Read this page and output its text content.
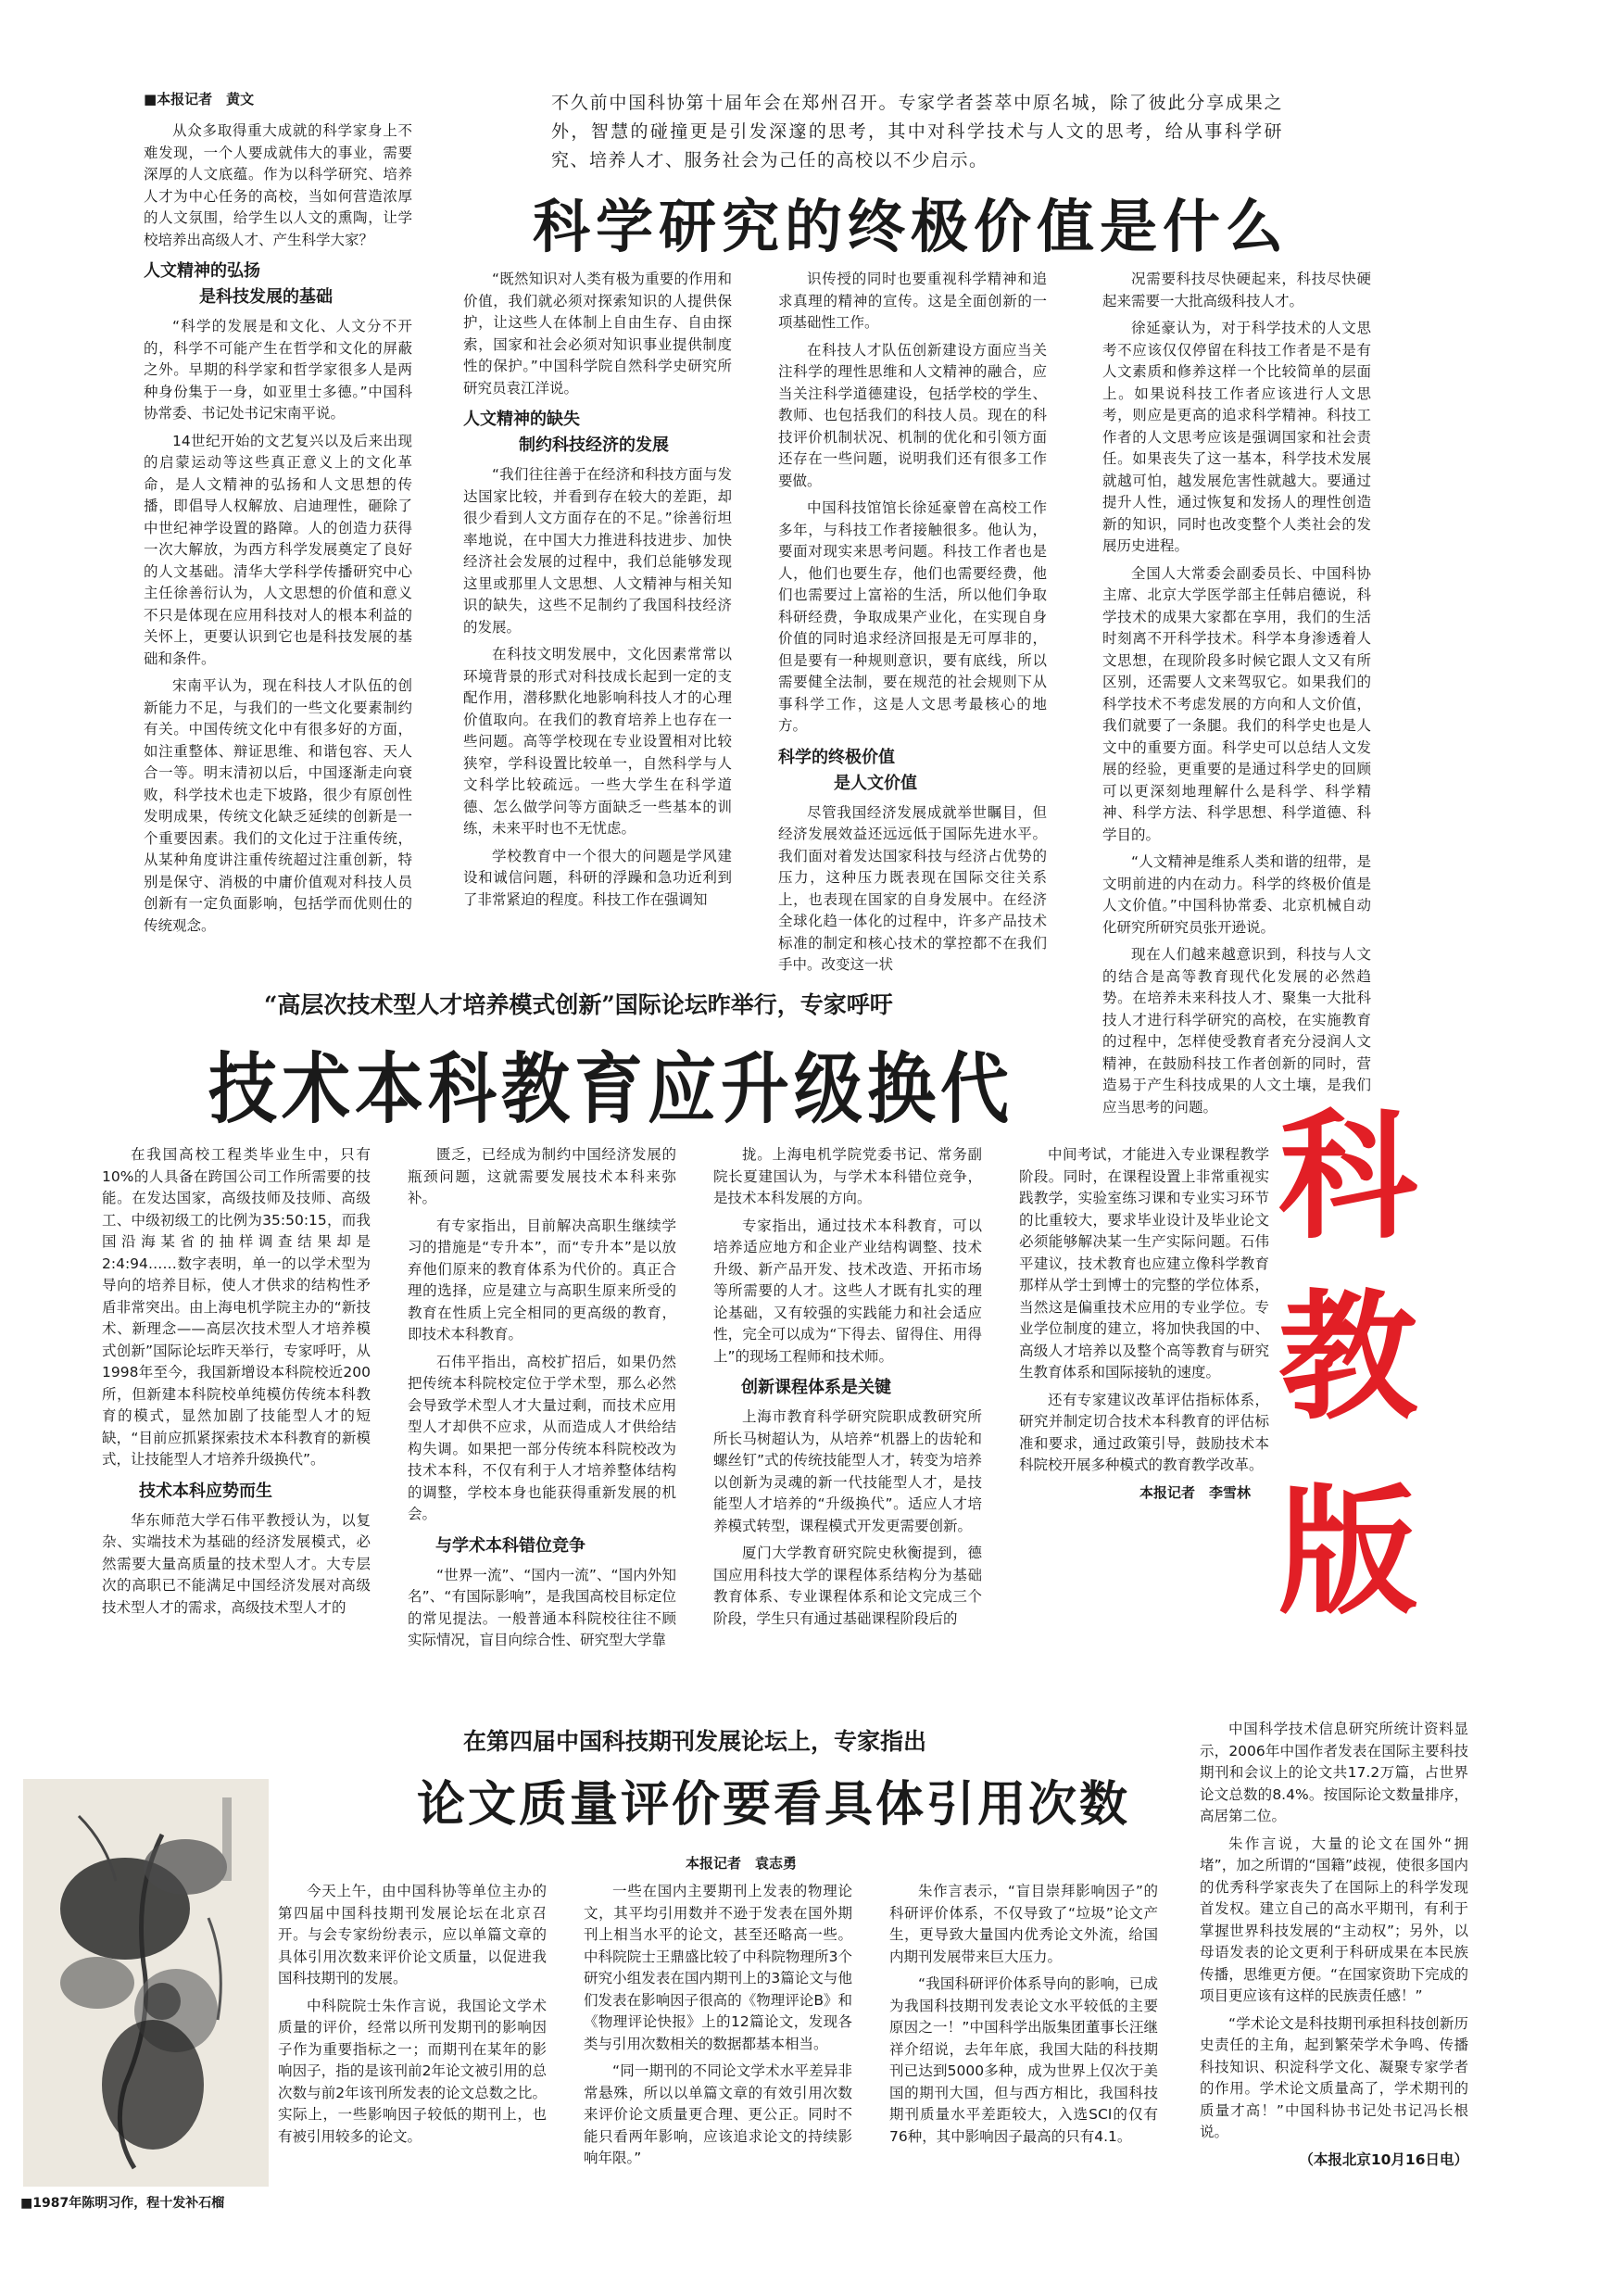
■本报记者　黄文	不久前中国科协第十届年会在郑州召开。专家学者荟萃中原名城，除了彼此分享成果之外，智慧的碰撞更是引发深邃的思考，其中对科学技术与人文的思考，给从事科学研究、培养人才、服务社会为己任的高校以不少启示。
科学研究的终极价值是什么

从众多取得重大成就的科学家身上不难发现，一个人要成就伟大的事业，需要深厚的人文底蕴。作为以科学研究、培养人才为中心任务的高校，当如何营造浓厚的人文氛围，给学生以人文的熏陶，让学校培养出高级人才、产生科学大家？

人文精神的弘扬
是科技发展的基础

“科学的发展是和文化、人文分不开的，科学不可能产生在哲学和文化的屏蔽之外。早期的科学家和哲学家很多人是两种身份集于一身，如亚里士多德。”中国科协常委、书记处书记宋南平说。

14世纪开始的文艺复兴以及后来出现的启蒙运动等这些真正意义上的文化革命，是人文精神的弘扬和人文思想的传播，即倡导人权解放、启迪理性，砸除了中世纪神学设置的路障。人的创造力获得一次大解放，为西方科学发展奠定了良好的人文基础。清华大学科学传播研究中心主任徐善衍认为，人文思想的价值和意义不只是体现在应用科技对人的根本利益的关怀上，更要认识到它也是科技发展的基础和条件。

宋南平认为，现在科技人才队伍的创新能力不足，与我们的一些文化要素制约有关。中国传统文化中有很多好的方面，如注重整体、辩证思维、和谐包容、天人合一等。明末清初以后，中国逐渐走向衰败，科学技术也走下坡路，很少有原创性发明成果，传统文化缺乏延续的创新是一个重要因素。我们的文化过于注重传统，从某种角度讲注重传统超过注重创新，特别是保守、消极的中庸价值观对科技人员创新有一定负面影响，包括学而优则仕的传统观念。

“既然知识对人类有极为重要的作用和价值，我们就必须对探索知识的人提供保护，让这些人在体制上自由生存、自由探索，国家和社会必须对知识事业提供制度性的保护。”中国科学院自然科学史研究所研究员袁江洋说。

人文精神的缺失
制约科技经济的发展

“我们往往善于在经济和科技方面与发达国家比较，并看到存在较大的差距，却很少看到人文方面存在的不足。”徐善衍坦率地说，在中国大力推进科技进步、加快经济社会发展的过程中，我们总能够发现这里或那里人文思想、人文精神与相关知识的缺失，这些不足制约了我国科技经济的发展。

在科技文明发展中，文化因素常常以环境背景的形式对科技成长起到一定的支配作用，潜移默化地影响科技人才的心理价值取向。在我们的教育培养上也存在一些问题。高等学校现在专业设置相对比较狭窄，学科设置比较单一，自然科学与人文科学比较疏远。一些大学生在科学道德、怎么做学问等方面缺乏一些基本的训练，未来平时也不无忧虑。

学校教育中一个很大的问题是学风建设和诚信问题，科研的浮躁和急功近利到了非常紧迫的程度。科技工作在强调知

识传授的同时也要重视科学精神和追求真理的精神的宣传。这是全面创新的一项基础性工作。

在科技人才队伍创新建设方面应当关注科学的理性思维和人文精神的融合，应当关注科学道德建设，包括学校的学生、教师、也包括我们的科技人员。现在的科技评价机制状况、机制的优化和引领方面还存在一些问题，说明我们还有很多工作要做。

中国科技馆馆长徐延豪曾在高校工作多年，与科技工作者接触很多。他认为，要面对现实来思考问题。科技工作者也是人，他们也要生存，他们也需要经费，他们也需要过上富裕的生活，所以他们争取科研经费，争取成果产业化，在实现自身价值的同时追求经济回报是无可厚非的，但是要有一种规则意识，要有底线，所以需要健全法制，要在规范的社会规则下从事科学工作，这是人文思考最核心的地方。

科学的终极价值
是人文价值

尽管我国经济发展成就举世瞩目，但经济发展效益还远远低于国际先进水平。我们面对着发达国家科技与经济占优势的压力，这种压力既表现在国际交往关系上，也表现在国家的自身发展中。在经济全球化趋一体化的过程中，许多产品技术标准的制定和核心技术的掌控都不在我们手中。改变这一状

况需要科技尽快硬起来，科技尽快硬起来需要一大批高级科技人才。

徐延豪认为，对于科学技术的人文思考不应该仅仅停留在科技工作者是不是有人文素质和修养这样一个比较简单的层面上。如果说科技工作者应该进行人文思考，则应是更高的追求科学精神。科技工作者的人文思考应该是强调国家和社会责任。如果丧失了这一基本，科学技术发展就越可怕，越发展危害性就越大。要通过提升人性，通过恢复和发扬人的理性创造新的知识，同时也改变整个人类社会的发展历史进程。

全国人大常委会副委员长、中国科协主席、北京大学医学部主任韩启德说，科学技术的成果大家都在享用，我们的生活时刻离不开科学技术。科学本身渗透着人文思想，在现阶段多时候它跟人文又有所区别，还需要人文来驾驭它。如果我们的科学技术不考虑发展的方向和人文价值，我们就要了一条腿。我们的科学史也是人文中的重要方面。科学史可以总结人文发展的经验，更重要的是通过科学史的回顾可以更深刻地理解什么是科学、科学精神、科学方法、科学思想、科学道德、科学目的。

“人文精神是维系人类和谐的纽带，是文明前进的内在动力。科学的终极价值是人文价值。”中国科协常委、北京机械自动化研究所研究员张开逊说。

现在人们越来越意识到，科技与人文的结合是高等教育现代化发展的必然趋势。在培养未来科技人才、聚集一大批科技人才进行科学研究的高校，在实施教育的过程中，怎样使受教育者充分浸润人文精神，在鼓励科技工作者创新的同时，营造易于产生科技成果的人文土壤，是我们应当思考的问题。

“高层次技术型人才培养模式创新”国际论坛昨举行，专家呼吁
技术本科教育应升级换代

在我国高校工程类毕业生中，只有10%的人具备在跨国公司工作所需要的技能。在发达国家，高级技师及技师、高级工、中级初级工的比例为35:50:15，而我国沿海某省的抽样调查结果却是2:4:94……数字表明，单一的以学术型为导向的培养目标，使人才供求的结构性矛盾非常突出。由上海电机学院主办的“新技术、新理念——高层次技术型人才培养模式创新”国际论坛昨天举行，专家呼吁，从1998年至今，我国新增设本科院校近200所，但新建本科院校单纯模仿传统本科教育的模式，显然加剧了技能型人才的短缺，“目前应抓紧探索技术本科教育的新模式，让技能型人才培养升级换代”。

技术本科应势而生

华东师范大学石伟平教授认为，以复杂、实端技术为基础的经济发展模式，必然需要大量高质量的技术型人才。大专层次的高职已不能满足中国经济发展对高级技术型人才的需求，高级技术型人才的

匮乏，已经成为制约中国经济发展的瓶颈问题，这就需要发展技术本科来弥补。

有专家指出，目前解决高职生继续学习的措施是“专升本”，而“专升本”是以放弃他们原来的教育体系为代价的。真正合理的选择，应是建立与高职生原来所受的教育在性质上完全相同的更高级的教育，即技术本科教育。

石伟平指出，高校扩招后，如果仍然把传统本科院校定位于学术型，那么必然会导致学术型人才大量过剩，而技术应用型人才却供不应求，从而造成人才供给结构失调。如果把一部分传统本科院校改为技术本科，不仅有利于人才培养整体结构的调整，学校本身也能获得重新发展的机会。

与学术本科错位竞争

“世界一流”、“国内一流”、“国内外知名”、“有国际影响”，是我国高校目标定位的常见提法。一般普通本科院校往往不顾实际情况，盲目向综合性、研究型大学靠

拢。上海电机学院党委书记、常务副院长夏建国认为，与学术本科错位竞争，是技术本科发展的方向。

专家指出，通过技术本科教育，可以培养适应地方和企业产业结构调整、技术升级、新产品开发、技术改造、开拓市场等所需要的人才。这些人才既有扎实的理论基础，又有较强的实践能力和社会适应性，完全可以成为“下得去、留得住、用得上”的现场工程师和技术师。

创新课程体系是关键

上海市教育科学研究院职成教研究所所长马树超认为，从培养“机器上的齿轮和螺丝钉”式的传统技能型人才，转变为培养以创新为灵魂的新一代技能型人才，是技能型人才培养的“升级换代”。适应人才培养模式转型，课程模式开发更需要创新。

厦门大学教育研究院史秋衡提到，德国应用科技大学的课程体系结构分为基础教育体系、专业课程体系和论文完成三个阶段，学生只有通过基础课程阶段后的

中间考试，才能进入专业课程教学阶段。同时，在课程设置上非常重视实践教学，实验室练习课和专业实习环节的比重较大，要求毕业设计及毕业论文必须能够解决某一生产实际问题。石伟平建议，技术教育也应建立像科学教育那样从学士到博士的完整的学位体系，当然这是偏重技术应用的专业学位。专业学位制度的建立，将加快我国的中、高级人才培养以及整个高等教育与研究生教育体系和国际接轨的速度。

还有专家建议改革评估指标体系，研究并制定切合技术本科教育的评估标准和要求，通过政策引导，鼓励技术本科院校开展多种模式的教育教学改革。

本报记者　李雪林
科
教
版
在第四届中国科技期刊发展论坛上，专家指出
论文质量评价要看具体引用次数
本报记者　袁志勇
■1987年陈明习作，程十发补石榴

今天上午，由中国科协等单位主办的第四届中国科技期刊发展论坛在北京召开。与会专家纷纷表示，应以单篇文章的具体引用次数来评价论文质量，以促进我国科技期刊的发展。

中科院院士朱作言说，我国论文学术质量的评价，经常以所刊发期刊的影响因子作为重要指标之一；而期刊在某年的影响因子，指的是该刊前2年论文被引用的总次数与前2年该刊所发表的论文总数之比。实际上，一些影响因子较低的期刊上，也有被引用较多的论文。

一些在国内主要期刊上发表的物理论文，其平均引用数并不逊于发表在国外期刊上相当水平的论文，甚至还略高一些。中科院院士王鼎盛比较了中科院物理所3个研究小组发表在国内期刊上的3篇论文与他们发表在影响因子很高的《物理评论B》和《物理评论快报》上的12篇论文，发现各类与引用次数相关的数据都基本相当。

“同一期刊的不同论文学术水平差异非常悬殊，所以以单篇文章的有效引用次数来评价论文质量更合理、更公正。同时不能只看两年影响，应该追求论文的持续影响年限。”

朱作言表示，“盲目崇拜影响因子”的科研评价体系，不仅导致了“垃圾”论文产生，更导致大量国内优秀论文外流，给国内期刊发展带来巨大压力。

“我国科研评价体系导向的影响，已成为我国科技期刊发表论文水平较低的主要原因之一！”中国科学出版集团董事长汪继祥介绍说，去年年底，我国大陆的科技期刊已达到5000多种，成为世界上仅次于美国的期刊大国，但与西方相比，我国科技期刊质量水平差距较大，入选SCI的仅有76种，其中影响因子最高的只有4.1。

中国科学技术信息研究所统计资料显示，2006年中国作者发表在国际主要科技期刊和会议上的论文共17.2万篇，占世界论文总数的8.4%。按国际论文数量排序，高居第二位。

朱作言说，大量的论文在国外“拥堵”，加之所谓的“国籍”歧视，使很多国内的优秀科学家丧失了在国际上的科学发现首发权。建立自己的高水平期刊，有利于掌握世界科技发展的“主动权”；另外，以母语发表的论文更利于科研成果在本民族传播，思维更方便。“在国家资助下完成的项目更应该有这样的民族责任感！”

“学术论文是科技期刊承担科技创新历史责任的主角，起到繁荣学术争鸣、传播科技知识、积淀科学文化、凝聚专家学者的作用。学术论文质量高了，学术期刊的质量才高！”中国科协书记处书记冯长根说。

（本报北京10月16日电）
